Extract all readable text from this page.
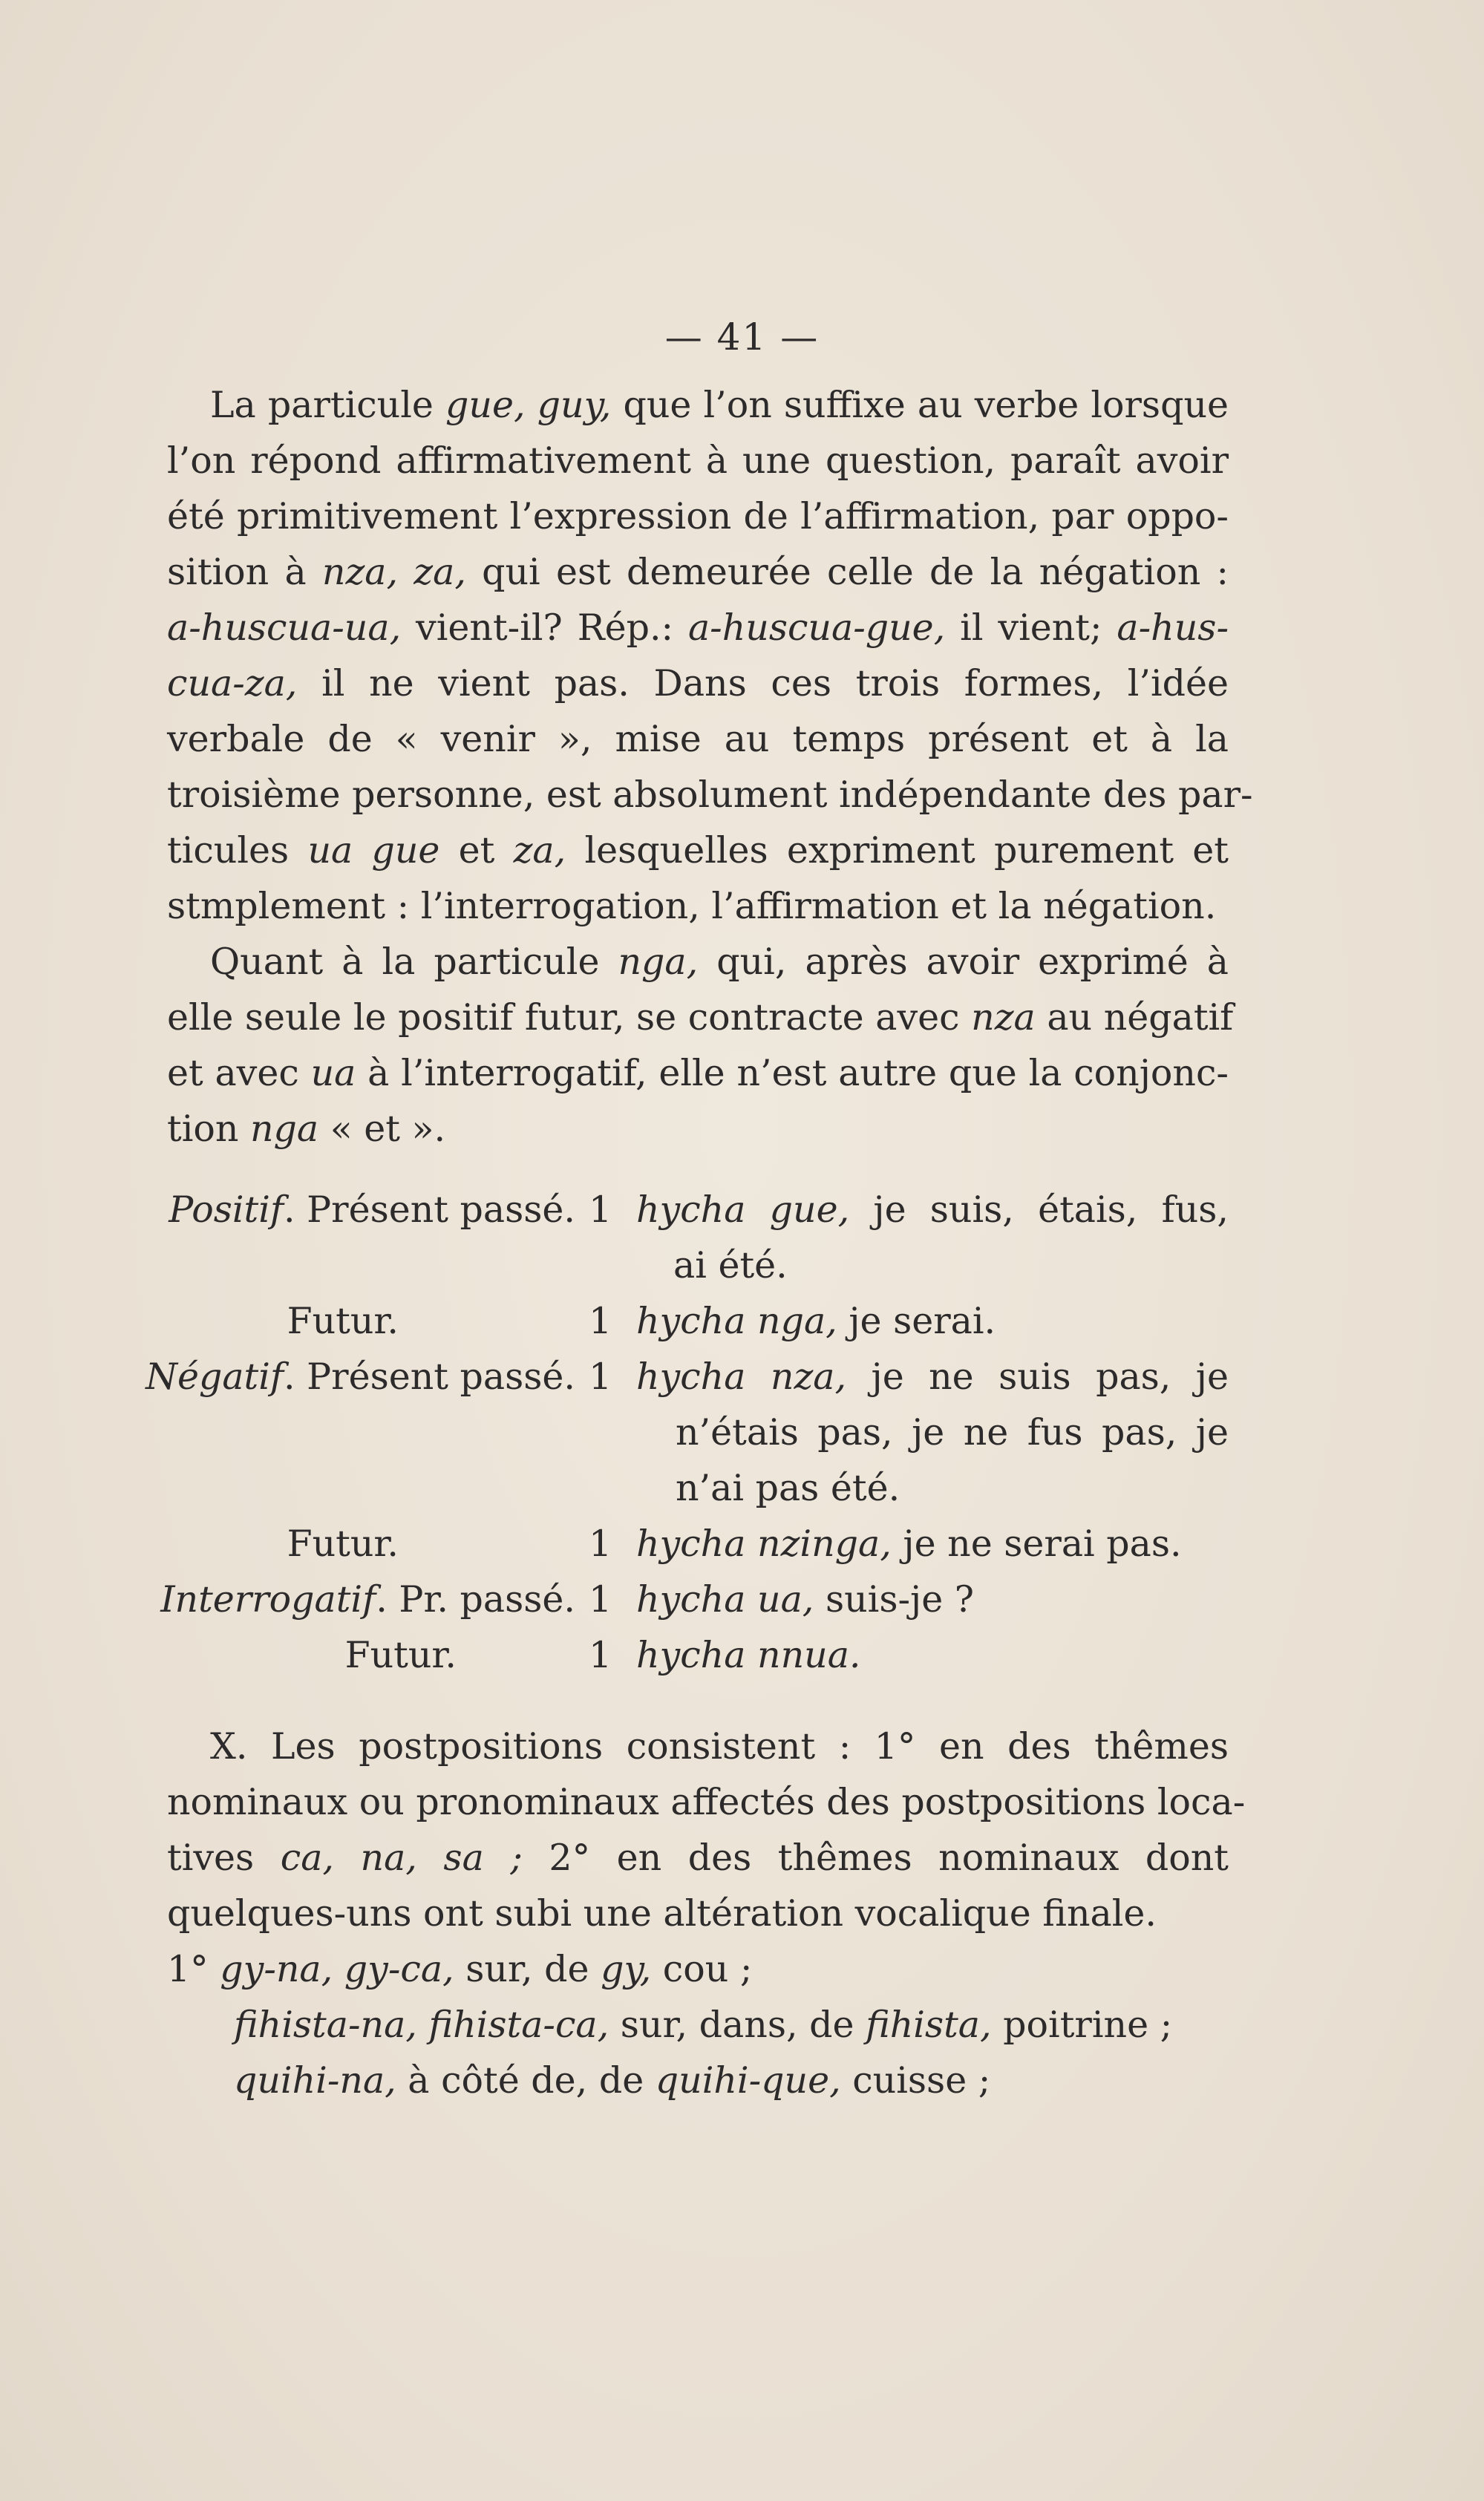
— 41 —
La particule gue, guy, que l’on suffixe au verbe lorsque
l’on répond affirmativement à une question, paraît avoir
été primitivement l’expression de l’affirmation, par oppo-
sition à nza, za, qui est demeurée celle de la négation :
a-huscua-ua, vient-il? Rép.: a-huscua-gue, il vient; a-hus-
cua-za, il ne vient pas. Dans ces trois formes, l’idée
verbale de « venir », mise au temps présent et à la
troisième personne, est absolument indépendante des par-
ticules ua gue et za, lesquelles expriment purement et
stmplement : l’interrogation, l’affirmation et la négation.
Quant à la particule nga, qui, après avoir exprimé à
elle seule le positif futur, se contracte avec nza au négatif
et avec ua à l’interrogatif, elle n’est autre que la conjonc-
tion nga « et ».
Positif. Présent passé. 1 hycha gue, je suis, étais, fus,
ai été.
Futur.	1 hycha nga, je serai.
Négatif. Présent passé. 1 hycha nza, je ne suis pas, je
n’étais pas, je ne fus pas, je
n’ai pas été.
Futur.	1 hycha nzinga, je ne serai pas.
Interrogatif. Pr. passé. 1 hycha ua, suis-je ?
Futur.	1 hycha nnua.
X. Les postpositions consistent : 1° en des thêmes
nominaux ou pronominaux affectés des postpositions loca-
tives ca, na, sa ; 2° en des thêmes nominaux dont
quelques-uns ont subi une altération vocalique finale.
1° gy-na, gy-ca, sur, de gy, cou ;
fihista-na, fihista-ca, sur, dans, de fihista, poitrine ;
quihi-na, à côté de, de quihi-que, cuisse ;
